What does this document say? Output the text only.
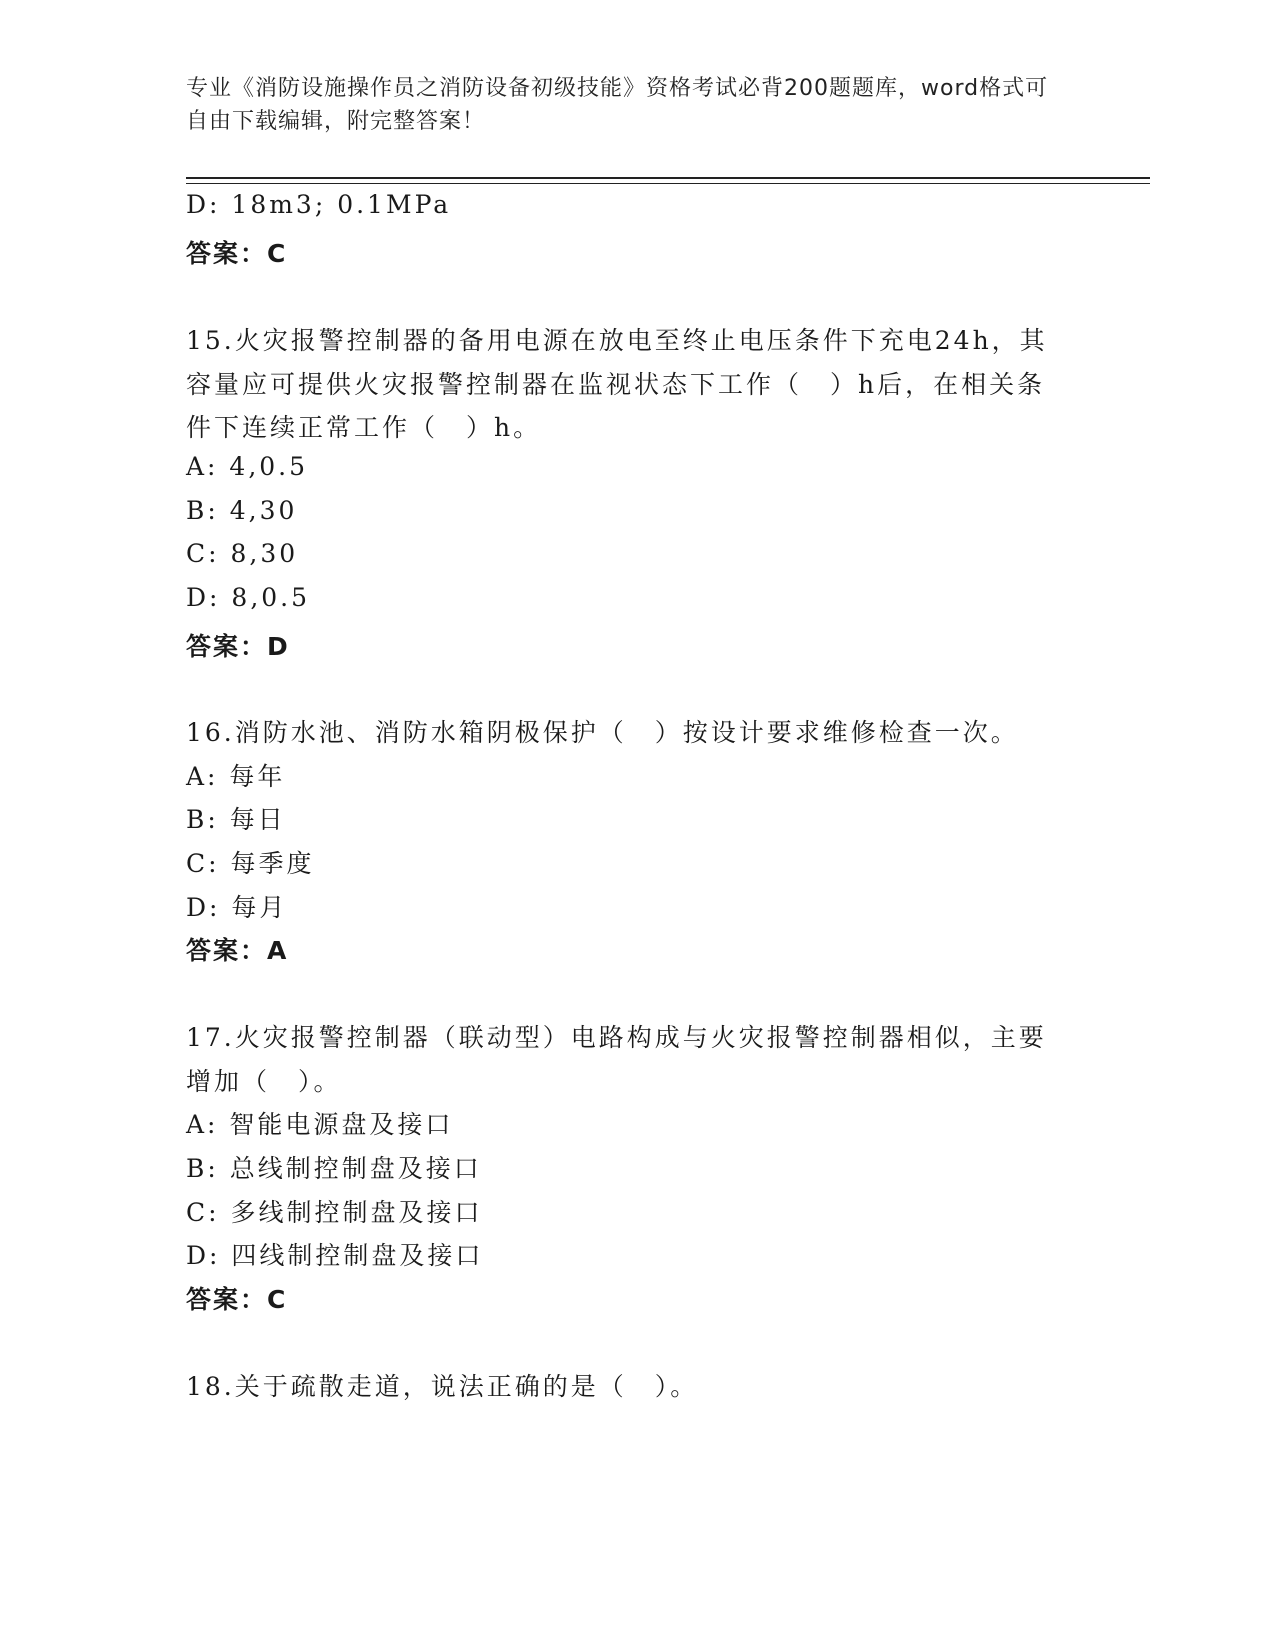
专业《消防设施操作员之消防设备初级技能》资格考试必背200题题库，word格式可自由下载编辑，附完整答案！
D: 18m3; 0.1MPa
答案：C
15.火灾报警控制器的备用电源在放电至终止电压条件下充电24h，其
容量应可提供火灾报警控制器在监视状态下工作（　）h后，在相关条
件下连续正常工作（　）h。
A: 4,0.5
B: 4,30
C: 8,30
D: 8,0.5
答案：D
16.消防水池、消防水箱阴极保护（　）按设计要求维修检查一次。
A: 每年
B: 每日
C: 每季度
D: 每月
答案：A
17.火灾报警控制器（联动型）电路构成与火灾报警控制器相似，主要
增加（　）。
A: 智能电源盘及接口
B: 总线制控制盘及接口
C: 多线制控制盘及接口
D: 四线制控制盘及接口
答案：C
18.关于疏散走道，说法正确的是（　）。
